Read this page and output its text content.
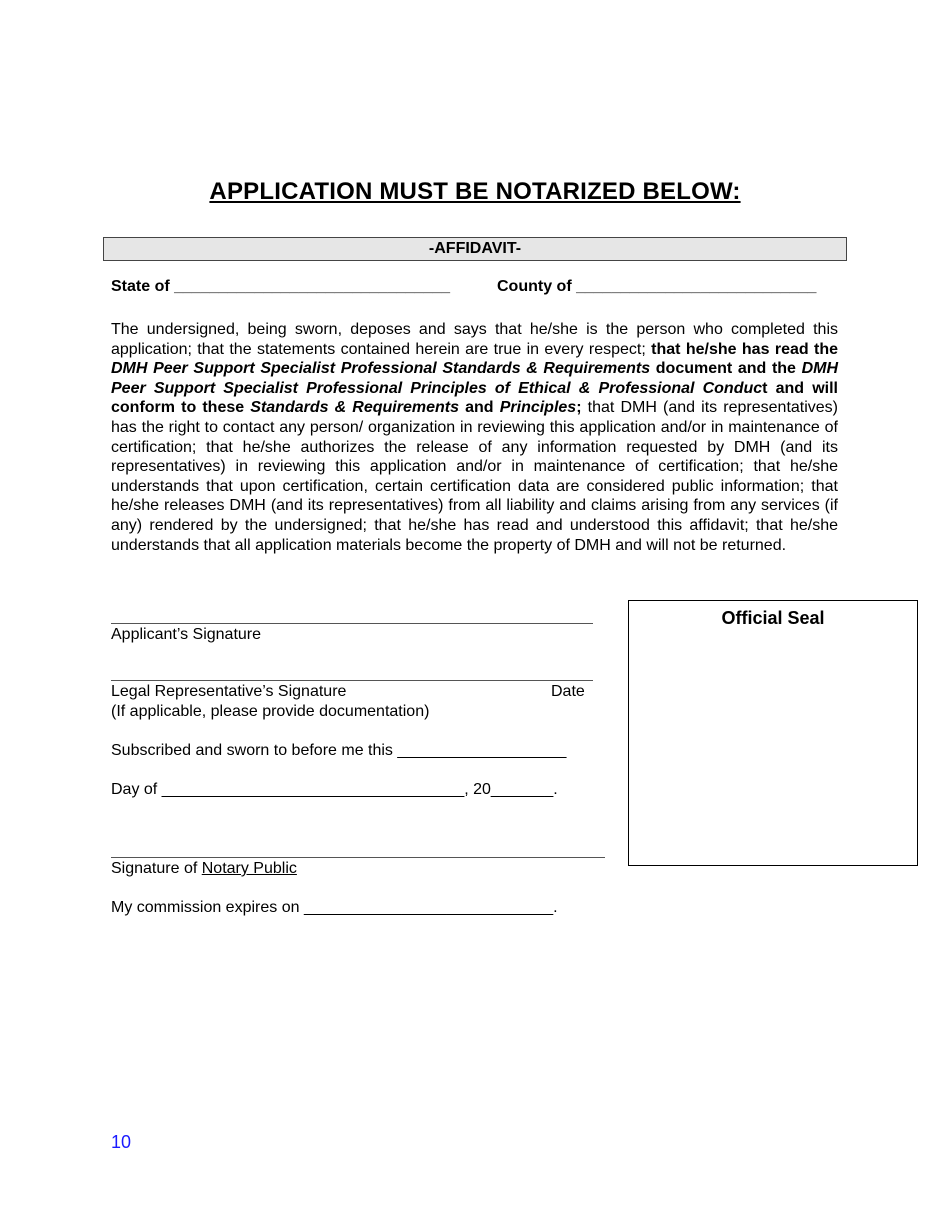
APPLICATION MUST BE NOTARIZED BELOW:
-AFFIDAVIT-
State of _______________________________	County of ___________________________
The undersigned, being sworn, deposes and says that he/she is the person who completed this application; that the statements contained herein are true in every respect; that he/she has read the DMH Peer Support Specialist Professional Standards & Requirements document and the DMH Peer Support Specialist Professional Principles of Ethical & Professional Conduct and will conform to these Standards & Requirements and Principles; that DMH (and its representatives) has the right to contact any person/ organization in reviewing this application and/or in maintenance of certification; that he/she authorizes the release of any information requested by DMH (and its representatives) in reviewing this application and/or in maintenance of certification; that he/she understands that upon certification, certain certification data are considered public information; that he/she releases DMH (and its representatives) from all liability and claims arising from any services (if any) rendered by the undersigned; that he/she has read and understood this affidavit; that he/she understands that all application materials become the property of DMH and will not be returned.
Applicant’s Signature
Legal Representative’s Signature	Date
(If applicable, please provide documentation)
Subscribed and sworn to before me this ___________________
Day of __________________________________, 20_______.
Signature of Notary Public
My commission expires on ____________________________.
Official Seal
10
